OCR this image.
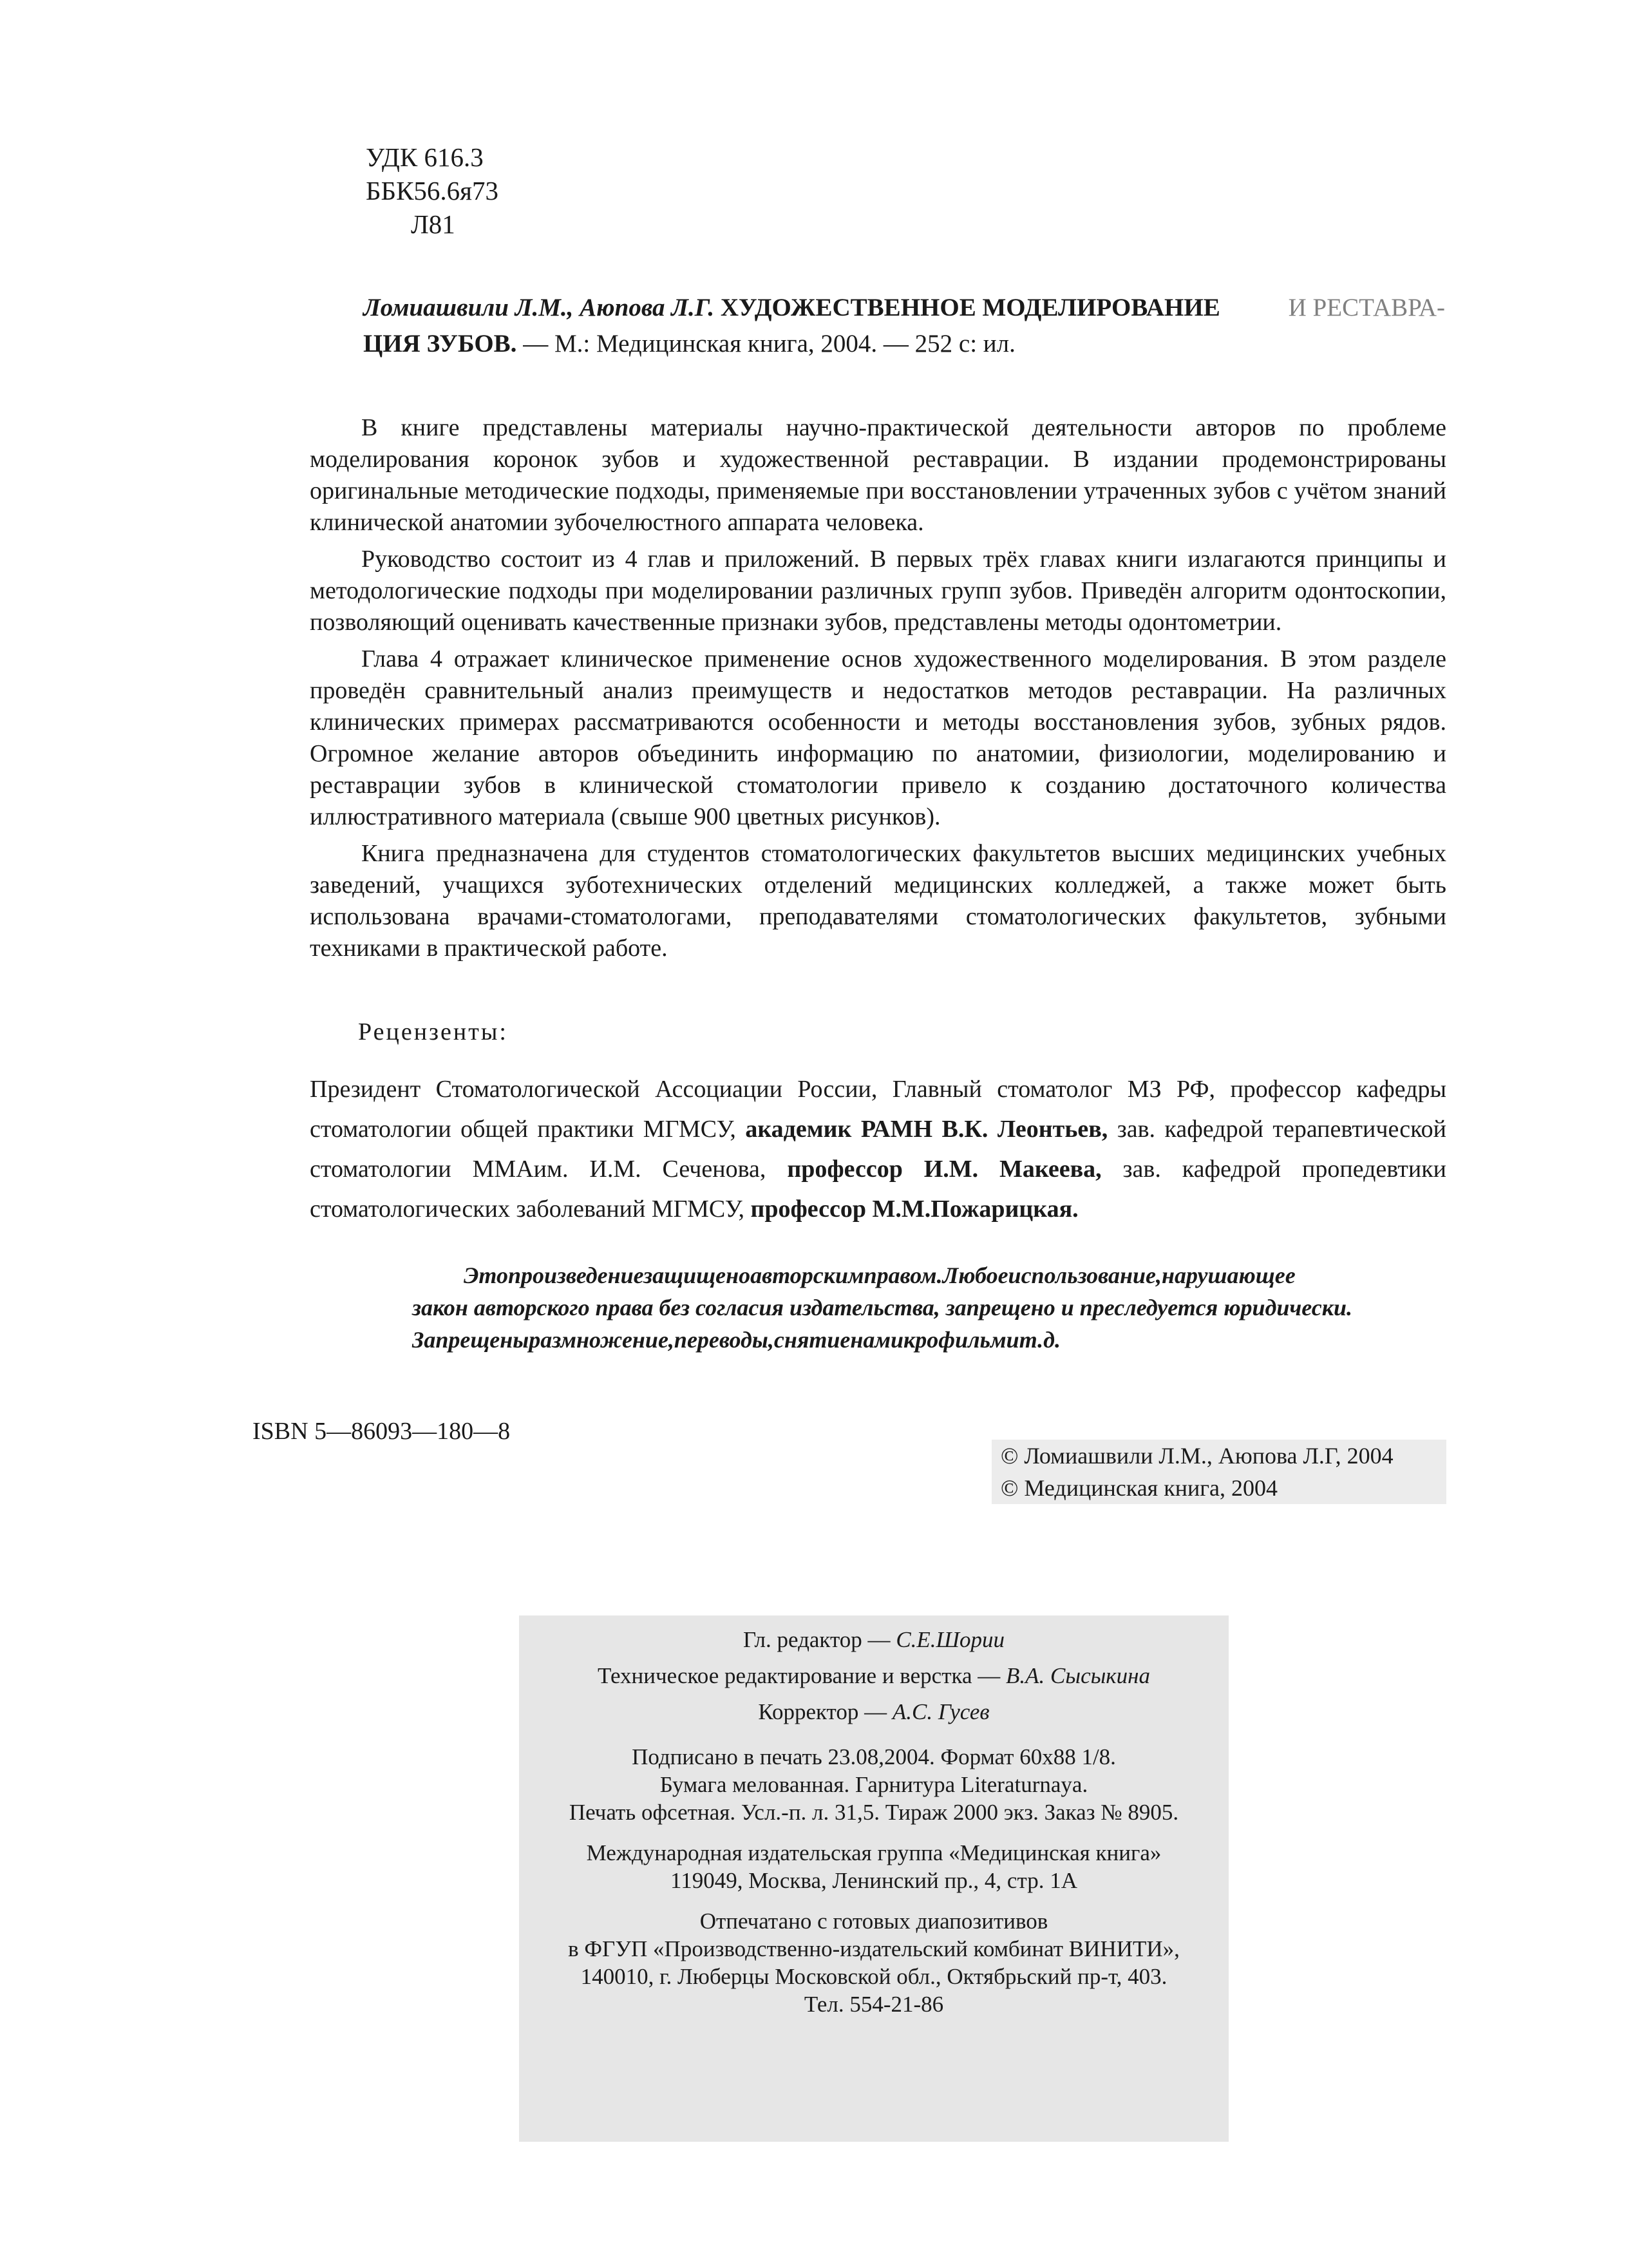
УДК 616.3
ББК56.6я73
Л81
Ломиашвили Л.М., Аюпова Л.Г. ХУДОЖЕСТВЕННОЕ МОДЕЛИРОВАНИЕ	И РЕСТАВРА-
ЦИЯ ЗУБОВ. — М.: Медицинская книга, 2004. — 252 с: ил.

В книге представлены материалы научно-практической деятельности авторов по проблеме моделирования коронок зубов и художественной реставрации. В издании продемонстрированы оригинальные методические подходы, применяемые при восстановлении утраченных зубов с учётом знаний клинической анатомии зубочелюстного аппарата человека.

Руководство состоит из 4 глав и приложений. В первых трёх главах книги излагаются принципы и методологические подходы при моделировании различных групп зубов. Приведён алгоритм одонтоскопии, позволяющий оценивать качественные признаки зубов, представлены методы одонтометрии.

Глава 4 отражает клиническое применение основ художественного моделирования. В этом разделе проведён сравнительный анализ преимуществ и недостатков методов реставрации. На различных клинических примерах рассматриваются особенности и методы восстановления зубов, зубных рядов. Огромное желание авторов объединить информацию по анатомии, физиологии, моделированию и реставрации зубов в клинической стоматологии привело к созданию достаточного количества иллюстративного материала (свыше 900 цветных рисунков).

Книга предназначена для студентов стоматологических факультетов высших медицинских учебных заведений, учащихся зуботехнических отделений медицинских колледжей, а также может быть использована врачами-стоматологами, преподавателями стоматологических факультетов, зубными техниками в практической работе.

Рецензенты:
Президент Стоматологической Ассоциации России, Главный стоматолог МЗ РФ, профессор кафедры стоматологии общей практики МГМСУ, академик РАМН В.К. Леонтьев, зав. кафедрой терапевтической стоматологии ММАим. И.М. Сеченова, профессор И.М. Макеева, зав. кафедрой пропедевтики стоматологических заболеваний МГМСУ, профессор М.М.Пожарицкая.
Этопроизведениезащищеноавторскимправом.Любоеиспользование,нарушающее
закон авторского права без согласия издательства, запрещено и преследуется юридически.
Запрещеныразмножение,переводы,снятиенамикрофильмит.д.
ISBN 5—86093—180—8
© Ломиашвили Л.М., Аюпова Л.Г, 2004
© Медицинская книга, 2004
Гл. редактор — С.Е.Шории
Техническое редактирование и верстка — В.А. Сысыкина
Корректор — А.С. Гусев
Подписано в печать 23.08,2004. Формат 60x88 1/8.
Бумага мелованная. Гарнитура Literaturnaya.
Печать офсетная. Усл.-п. л. 31,5. Тираж 2000 экз. Заказ № 8905.
Международная издательская группа «Медицинская книга»
119049, Москва, Ленинский пр., 4, стр. 1А
Отпечатано с готовых диапозитивов
в ФГУП «Производственно-издательский комбинат ВИНИТИ»,
140010, г. Люберцы Московской обл., Октябрьский пр-т, 403.
Тел. 554-21-86
